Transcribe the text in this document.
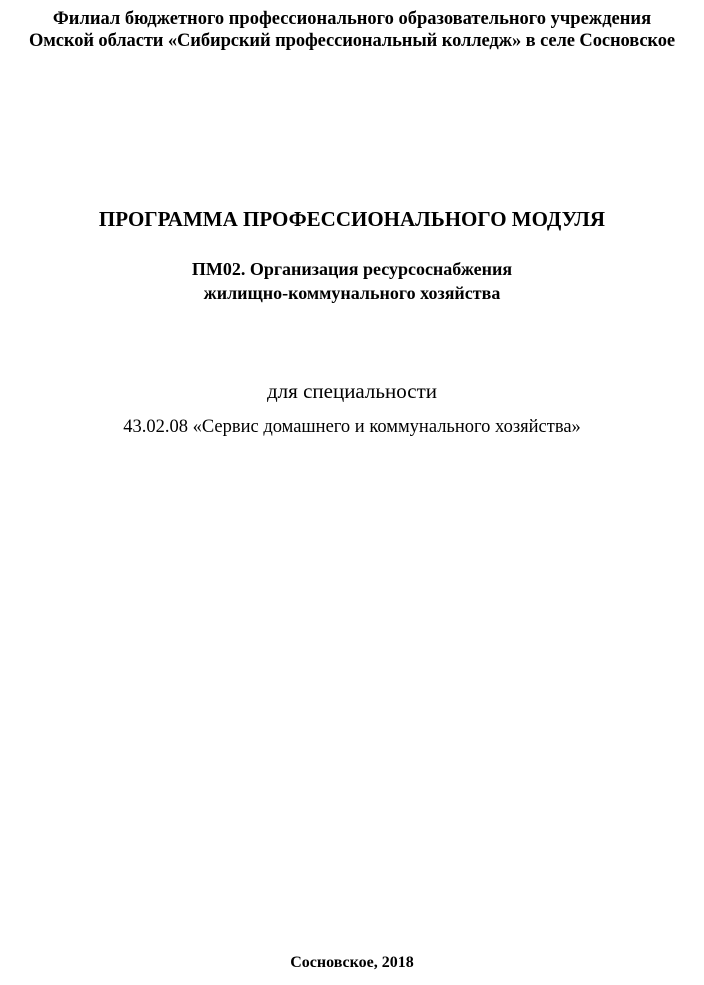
Филиал бюджетного профессионального образовательного учреждения
Омской области «Сибирский профессиональный колледж» в селе Сосновское
ПРОГРАММА ПРОФЕССИОНАЛЬНОГО МОДУЛЯ
ПМ02. Организация ресурсоснабжения
жилищно-коммунального хозяйства
для специальности
43.02.08 «Сервис домашнего и коммунального хозяйства»
Сосновское, 2018
